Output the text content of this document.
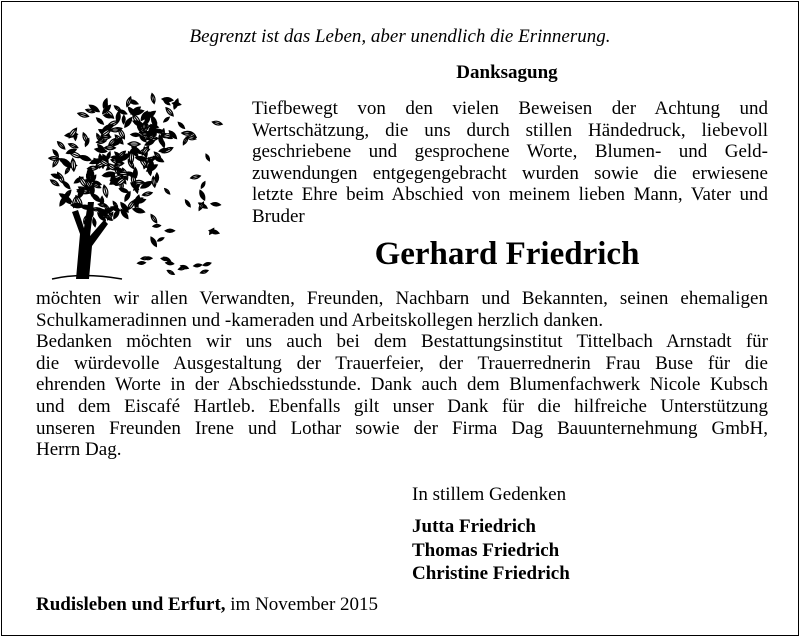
Begrenzt ist das Leben, aber unendlich die Erinnerung.
Danksagung
Tiefbewegt von den vielen Beweisen der Achtung und
Wertschätzung, die uns durch stillen Händedruck, liebevoll
geschriebene und gesprochene Worte, Blumen- und Geld-
zuwendungen entgegengebracht wurden sowie die erwiesene
letzte Ehre beim Abschied von meinem lieben Mann, Vater und
Bruder
Gerhard Friedrich
möchten wir allen Verwandten, Freunden, Nachbarn und Bekannten, seinen ehemaligen
Schulkameradinnen und -kameraden und Arbeitskollegen herzlich danken.
Bedanken möchten wir uns auch bei dem Bestattungsinstitut Tittelbach Arnstadt für
die würdevolle Ausgestaltung der Trauerfeier, der Trauerrednerin Frau Buse für die
ehrenden Worte in der Abschiedsstunde. Dank auch dem Blumenfachwerk Nicole Kubsch
und dem Eiscafé Hartleb. Ebenfalls gilt unser Dank für die hilfreiche Unterstützung
unseren Freunden Irene und Lothar sowie der Firma Dag Bauunternehmung GmbH,
Herrn Dag.
In stillem Gedenken
Jutta Friedrich
Thomas Friedrich
Christine Friedrich
Rudisleben und Erfurt, im November 2015
